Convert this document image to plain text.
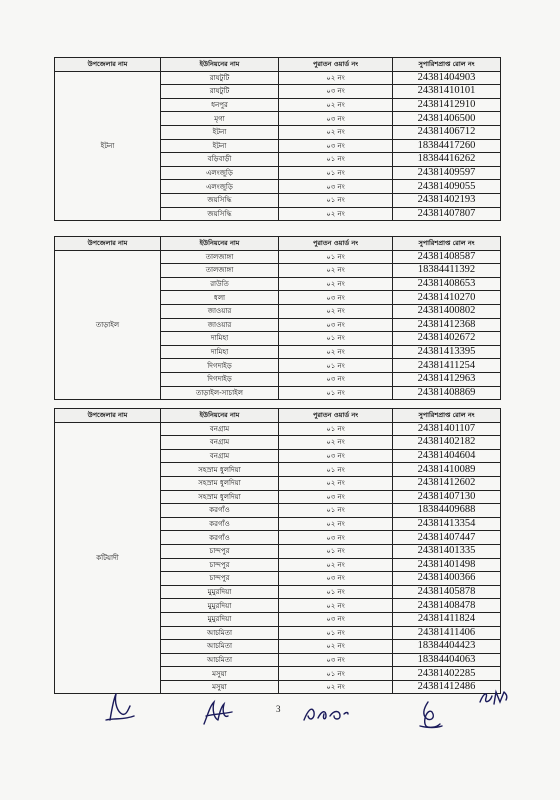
উপজেলার নাম	ইউনিয়নের নাম	পুরাতন ওয়ার্ড নং	সুপারিশপ্রাপ্ত রোল নং
ইটনা	রাযটুটি	০২ নং	24381404903
	রাযটুটি	০৩ নং	24381410101
	ধনপুর	০২ নং	24381412910
	মৃগা	০৩ নং	24381406500
	ইটনা	০২ নং	24381406712
	ইটনা	০৩ নং	18384417260
	বড়িবাড়ী	০১ নং	18384416262
	এলংজুড়ি	০১ নং	24381409597
	এলংজুড়ি	০৩ নং	24381409055
	জয়সিদ্ধি	০১ নং	24381402193
	জয়সিদ্ধি	০২ নং	24381407807
উপজেলার নাম	ইউনিয়নের নাম	পুরাতন ওয়ার্ড নং	সুপারিশপ্রাপ্ত রোল নং
তাড়াইল	তালজাঙ্গা	০১ নং	24381408587
	তালজাঙ্গা	০২ নং	18384411392
	রাউতি	০২ নং	24381408653
	ধলা	০৩ নং	24381410270
	জাওয়ার	০২ নং	24381400802
	জাওয়ার	০৩ নং	24381412368
	দামিহা	০১ নং	24381402672
	দামিহা	০২ নং	24381413395
	দিগদাইড়	০১ নং	24381411254
	দিগদাইড়	০৩ নং	24381412963
	তাড়াইল-সাচাইল	০১ নং	24381408869
উপজেলার নাম	ইউনিয়নের নাম	পুরাতন ওয়ার্ড নং	সুপারিশপ্রাপ্ত রোল নং
কটিয়াদী	বনগ্রাম	০১ নং	24381401107
	বনগ্রাম	০২ নং	24381402182
	বনগ্রাম	০৩ নং	24381404604
	সহস্রাম ধুলদিয়া	০১ নং	24381410089
	সহস্রাম ধুলদিয়া	০২ নং	24381412602
	সহস্রাম ধুলদিয়া	০৩ নং	24381407130
	করগাঁও	০১ নং	18384409688
	করগাঁও	০২ নং	24381413354
	করগাঁও	০৩ নং	24381407447
	চান্দপুর	০১ নং	24381401335
	চান্দপুর	০২ নং	24381401498
	চান্দপুর	০৩ নং	24381400366
	মুমুরদিয়া	০১ নং	24381405878
	মুমুরদিয়া	০২ নং	24381408478
	মুমুরদিয়া	০৩ নং	24381411824
	আচমিতা	০১ নং	24381411406
	আচমিতা	০২ নং	18384404423
	আচমিতা	০৩ নং	18384404063
	মসুয়া	০১ নং	24381402285
	মসুয়া	০২ নং	24381412486
3
